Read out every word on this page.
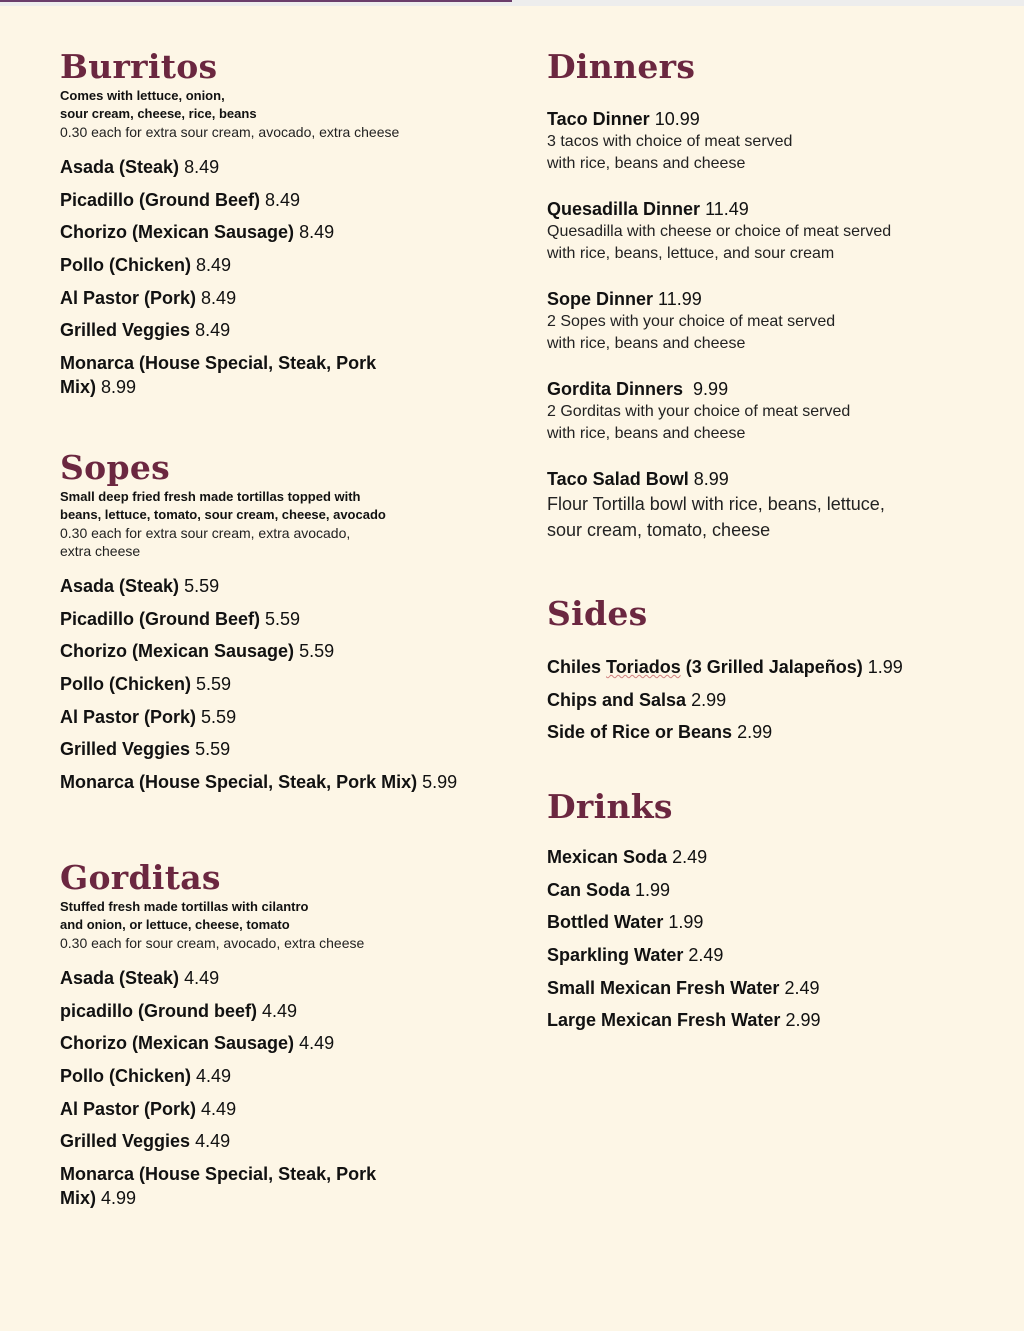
Burritos
Comes with lettuce, onion,
sour cream, cheese, rice, beans
0.30 each for extra sour cream, avocado, extra cheese
Asada (Steak) 8.49
Picadillo (Ground Beef) 8.49
Chorizo (Mexican Sausage) 8.49
Pollo (Chicken) 8.49
Al Pastor (Pork) 8.49
Grilled Veggies 8.49
Monarca (House Special, Steak, Pork Mix) 8.99
Sopes
Small deep fried fresh made tortillas topped with
beans, lettuce, tomato, sour cream, cheese, avocado
0.30 each for extra sour cream, extra avocado,
extra cheese
Asada (Steak) 5.59
Picadillo (Ground Beef) 5.59
Chorizo (Mexican Sausage) 5.59
Pollo (Chicken) 5.59
Al Pastor (Pork) 5.59
Grilled Veggies 5.59
Monarca (House Special, Steak, Pork Mix) 5.99
Gorditas
Stuffed fresh made tortillas with cilantro
and onion, or lettuce, cheese, tomato
0.30 each for sour cream, avocado, extra cheese
Asada (Steak) 4.49
picadillo (Ground beef) 4.49
Chorizo (Mexican Sausage) 4.49
Pollo (Chicken) 4.49
Al Pastor (Pork) 4.49
Grilled Veggies 4.49
Monarca (House Special, Steak, Pork Mix) 4.99
Dinners
Taco Dinner 10.99
3 tacos with choice of meat served
with rice, beans and cheese
Quesadilla Dinner 11.49
Quesadilla with cheese or choice of meat served
with rice, beans, lettuce, and sour cream
Sope Dinner 11.99
2 Sopes with your choice of meat served
with rice, beans and cheese
Gordita Dinners 9.99
2 Gorditas with your choice of meat served
with rice, beans and cheese
Taco Salad Bowl 8.99
Flour Tortilla bowl with rice, beans, lettuce,
sour cream, tomato, cheese
Sides
Chiles Toriados (3 Grilled Jalapeños) 1.99
Chips and Salsa 2.99
Side of Rice or Beans 2.99
Drinks
Mexican Soda 2.49
Can Soda 1.99
Bottled Water 1.99
Sparkling Water 2.49
Small Mexican Fresh Water 2.49
Large Mexican Fresh Water 2.99
